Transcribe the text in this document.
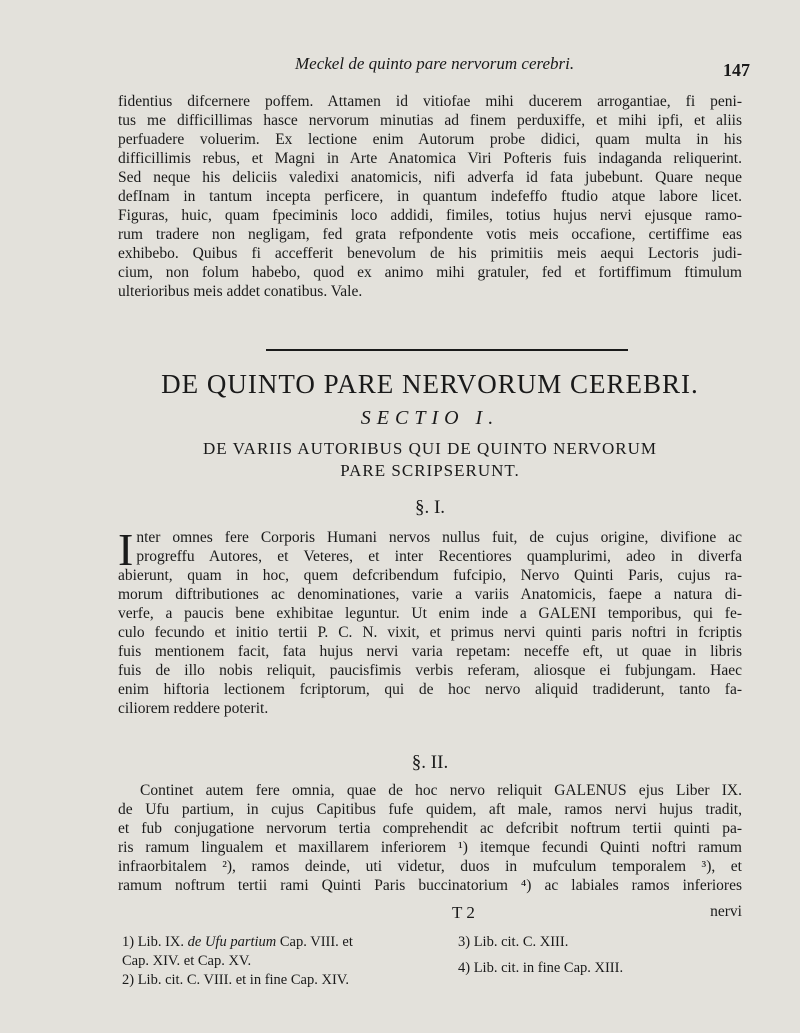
Meckel de quinto pare nervorum cerebri.	147
fidentius difcernere poffem. Attamen id vitiofae mihi ducerem arrogantiae, fi peni-
tus me difficillimas hasce nervorum minutias ad finem perduxiffe, et mihi ipfi, et aliis
perfuadere voluerim. Ex lectione enim Autorum probe didici, quam multa in his
difficillimis rebus, et Magni in Arte Anatomica Viri Pofteris fuis indaganda reliquerint.
Sed neque his deliciis valedixi anatomicis, nifi adverfa id fata jubebunt. Quare neque
defInam in tantum incepta perficere, in quantum indefeffo ftudio atque labore licet.
Figuras, huic, quam fpeciminis loco addidi, fimiles, totius hujus nervi ejusque ramo-
rum tradere non negligam, fed grata refpondente votis meis occafione, certiffime eas
exhibebo. Quibus fi accefferit benevolum de his primitiis meis aequi Lectoris judi-
cium, non folum habebo, quod ex animo mihi gratuler, fed et fortiffimum ftimulum
ulterioribus meis addet conatibus. Vale.
DE QUINTO PARE NERVORUM CEREBRI.
SECTIO I.
DE VARIIS AUTORIBUS QUI DE QUINTO NERVORUM
PARE SCRIPSERUNT.
§. I.
I nter omnes fere Corporis Humani nervos nullus fuit, de cujus origine, divifione ac
progreffu Autores, et Veteres, et inter Recentiores quamplurimi, adeo in diverfa
abierunt, quam in hoc, quem defcribendum fufcipio, Nervo Quinti Paris, cujus ra-
morum diftributiones ac denominationes, varie a variis Anatomicis, faepe a natura di-
verfe, a paucis bene exhibitae leguntur. Ut enim inde a GALENI temporibus, qui fe-
culo fecundo et initio tertii P. C. N. vixit, et primus nervi quinti paris noftri in fcriptis
fuis mentionem facit, fata hujus nervi varia repetam: neceffe eft, ut quae in libris
fuis de illo nobis reliquit, paucisfimis verbis referam, aliosque ei fubjungam. Haec
enim hiftoria lectionem fcriptorum, qui de hoc nervo aliquid tradiderunt, tanto fa-
ciliorem reddere poterit.
§. II.
Continet autem fere omnia, quae de hoc nervo reliquit GALENUS ejus Liber IX.
de Ufu partium, in cujus Capitibus fufe quidem, aft male, ramos nervi hujus tradit,
et fub conjugatione nervorum tertia comprehendit ac defcribit noftrum tertii quinti pa-
ris ramum lingualem et maxillarem inferiorem ¹) itemque fecundi Quinti noftri ramum
infraorbitalem ²), ramos deinde, uti videtur, duos in mufculum temporalem ³), et
ramum noftrum tertii rami Quinti Paris buccinatorium ⁴) ac labiales ramos inferiores
T 2	nervi
1) Lib. IX. de Ufu partium Cap. VIII. et
Cap. XIV. et Cap. XV.
3) Lib. cit. C. XIII.
4) Lib. cit. in fine Cap. XIII.
2) Lib. cit. C. VIII. et in fine Cap. XIV.
